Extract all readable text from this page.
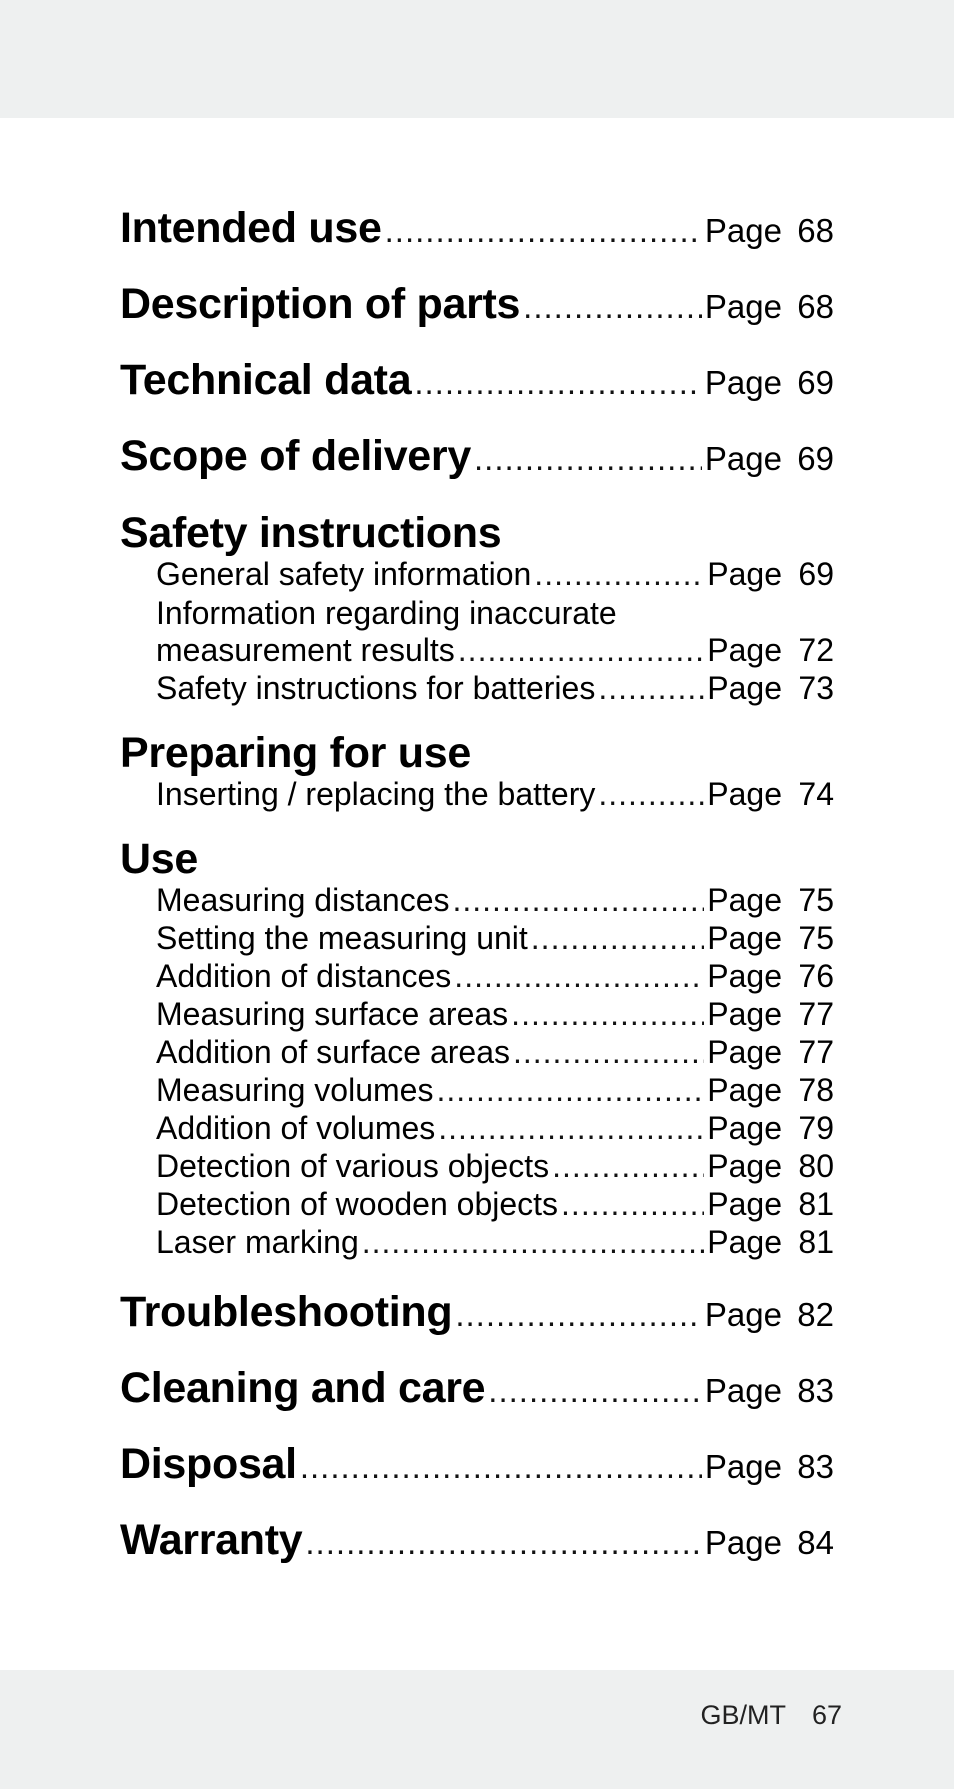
Intended use .....	Page 68
Description of parts .....	Page 68
Technical data .....	Page 69
Scope of delivery .....	Page 69
Safety instructions
General safety information .....	Page 69
Information regarding inaccurate
measurement results .....	Page 72
Safety instructions for batteries .....	Page 73
Preparing for use
Inserting / replacing the battery .....	Page 74
Use
Measuring distances .....	Page 75
Setting the measuring unit .....	Page 75
Addition of distances .....	Page 76
Measuring surface areas .....	Page 77
Addition of surface areas .....	Page 77
Measuring volumes .....	Page 78
Addition of volumes .....	Page 79
Detection of various objects .....	Page 80
Detection of wooden objects .....	Page 81
Laser marking .....	Page 81
Troubleshooting .....	Page 82
Cleaning and care .....	Page 83
Disposal .....	Page 83
Warranty .....	Page 84
GB/MT 67
